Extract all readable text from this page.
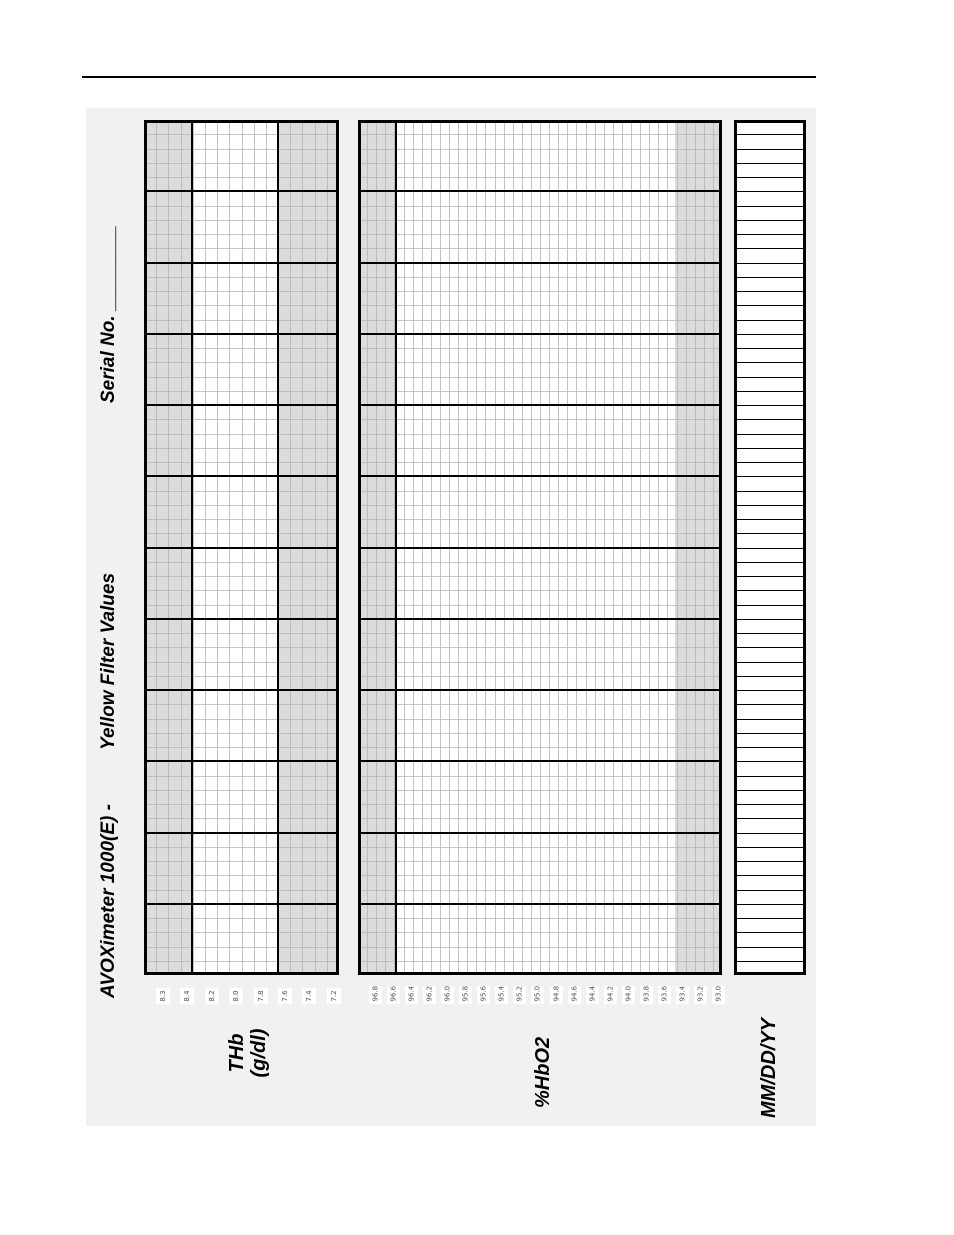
AVOXimeter 1000(E) -
Yellow Filter Values
Serial No. ________
THb (g/dl)	%HbO2	MM/DD/YY
8.3	8.4	8.2	8.0	7.8	7.6	7.4	7.2	96.8	96.6	96.4	96.2	96.0	95.8	95.6	95.4	95.2	95.0	94.8	94.6	94.4	94.2	94.0	93.8	93.6	93.4	93.2	93.0
